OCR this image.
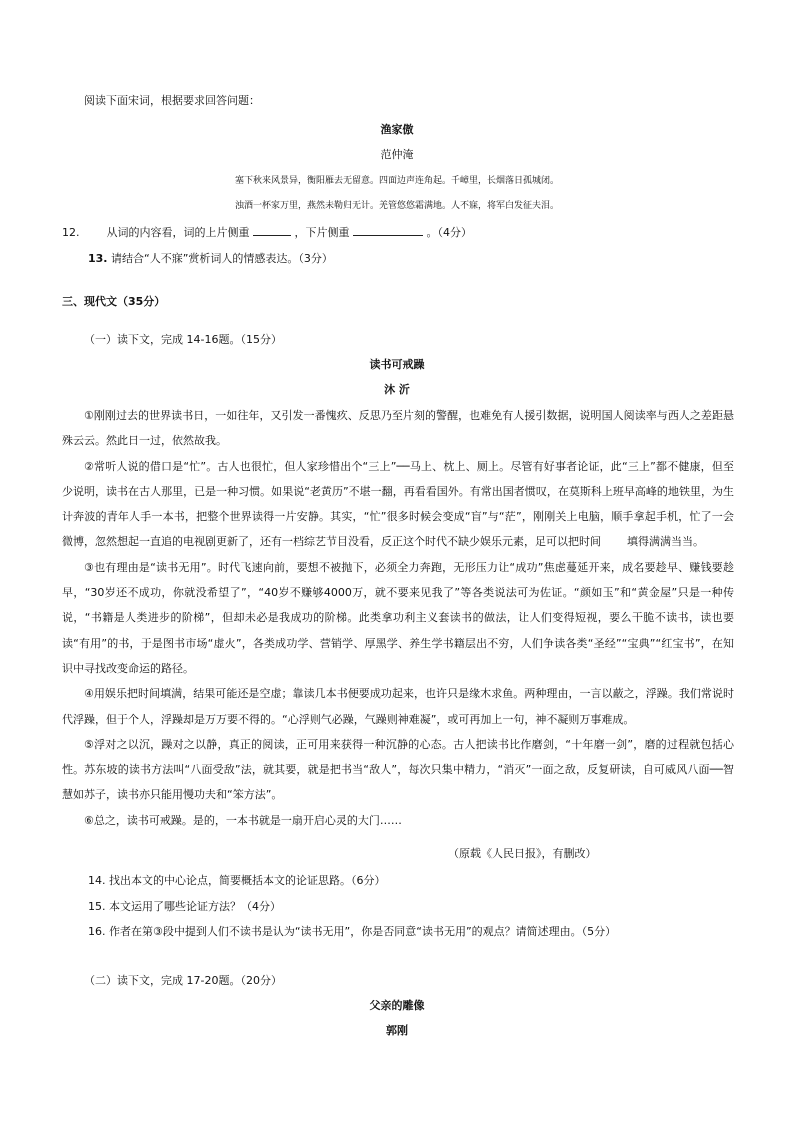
阅读下面宋词，根据要求回答问题：
渔家傲
范仲淹
塞下秋来风景异，衡阳雁去无留意。四面边声连角起。千嶂里，长烟落日孤城闭。
浊酒一杯家万里，燕然未勒归无计。羌管悠悠霜满地。人不寐，将军白发征夫泪。
12. 从词的内容看，词的上片侧重	，下片侧重	。（4分）
13. 请结合“人不寐”赏析词人的情感表达。（3分）
三、现代文（35分）
（一）读下文，完成 14-16题。（15分）
读书可戒躁
沐 沂

①刚刚过去的世界读书日，一如往年，又引发一番愧疚、反思乃至片刻的警醒，也难免有人援引数据，说明国人阅读率与西人之差距悬殊云云。然此日一过，依然故我。

②常听人说的借口是“忙”。古人也很忙，但人家珍惜出个“三上”──马上、枕上、厕上。尽管有好事者论证，此“三上”都不健康，但至少说明，读书在古人那里，已是一种习惯。如果说“老黄历”不堪一翻，再看看国外。有常出国者惯叹，在莫斯科上班早高峰的地铁里，为生计奔波的青年人手一本书，把整个世界读得一片安静。其实，“忙”很多时候会变成“盲”与“茫”，刚刚关上电脑，顺手拿起手机，忙了一会微博，忽然想起一直追的电视剧更新了，还有一档综艺节目没看，反正这个时代不缺少娱乐元素，足可以把时间 填得满满当当。

③也有理由是“读书无用”。时代飞速向前，要想不被抛下，必须全力奔跑，无形压力让“成功”焦虑蔓延开来，成名要趁早、赚钱要趁早，“30岁还不成功，你就没希望了”，“40岁不赚够4000万，就不要来见我了”等各类说法可为佐证。“颜如玉”和“黄金屋”只是一种传说，“书籍是人类进步的阶梯”，但却未必是我成功的阶梯。此类拿功利主义套读书的做法，让人们变得短视，要么干脆不读书，读也要读“有用”的书，于是图书市场“虚火”，各类成功学、营销学、厚黑学、养生学书籍层出不穷，人们争读各类“圣经”“宝典”“红宝书”，在知识中寻找改变命运的路径。

④用娱乐把时间填满，结果可能还是空虚；靠读几本书便要成功起来，也许只是缘木求鱼。两种理由，一言以蔽之，浮躁。我们常说时代浮躁，但于个人，浮躁却是万万要不得的。“心浮则气必躁，气躁则神难凝”，或可再加上一句，神不凝则万事难成。

⑤浮对之以沉，躁对之以静，真正的阅读，正可用来获得一种沉静的心态。古人把读书比作磨剑，“十年磨一剑”，磨的过程就包括心性。苏东坡的读书方法叫“八面受敌”法，就其要，就是把书当“敌人”，每次只集中精力，“消灭”一面之敌，反复研读，自可威风八面──智慧如苏子，读书亦只能用慢功夫和“笨方法”。

⑥总之，读书可戒躁。是的，一本书就是一扇开启心灵的大门……

（原载《人民日报》，有删改）
14. 找出本文的中心论点，简要概括本文的论证思路。（6分）
15. 本文运用了哪些论证方法？（4分）
16. 作者在第③段中提到人们不读书是认为“读书无用”，你是否同意“读书无用”的观点？请简述理由。（5分）
（二）读下文，完成 17-20题。（20分）
父亲的雕像
郭刚
